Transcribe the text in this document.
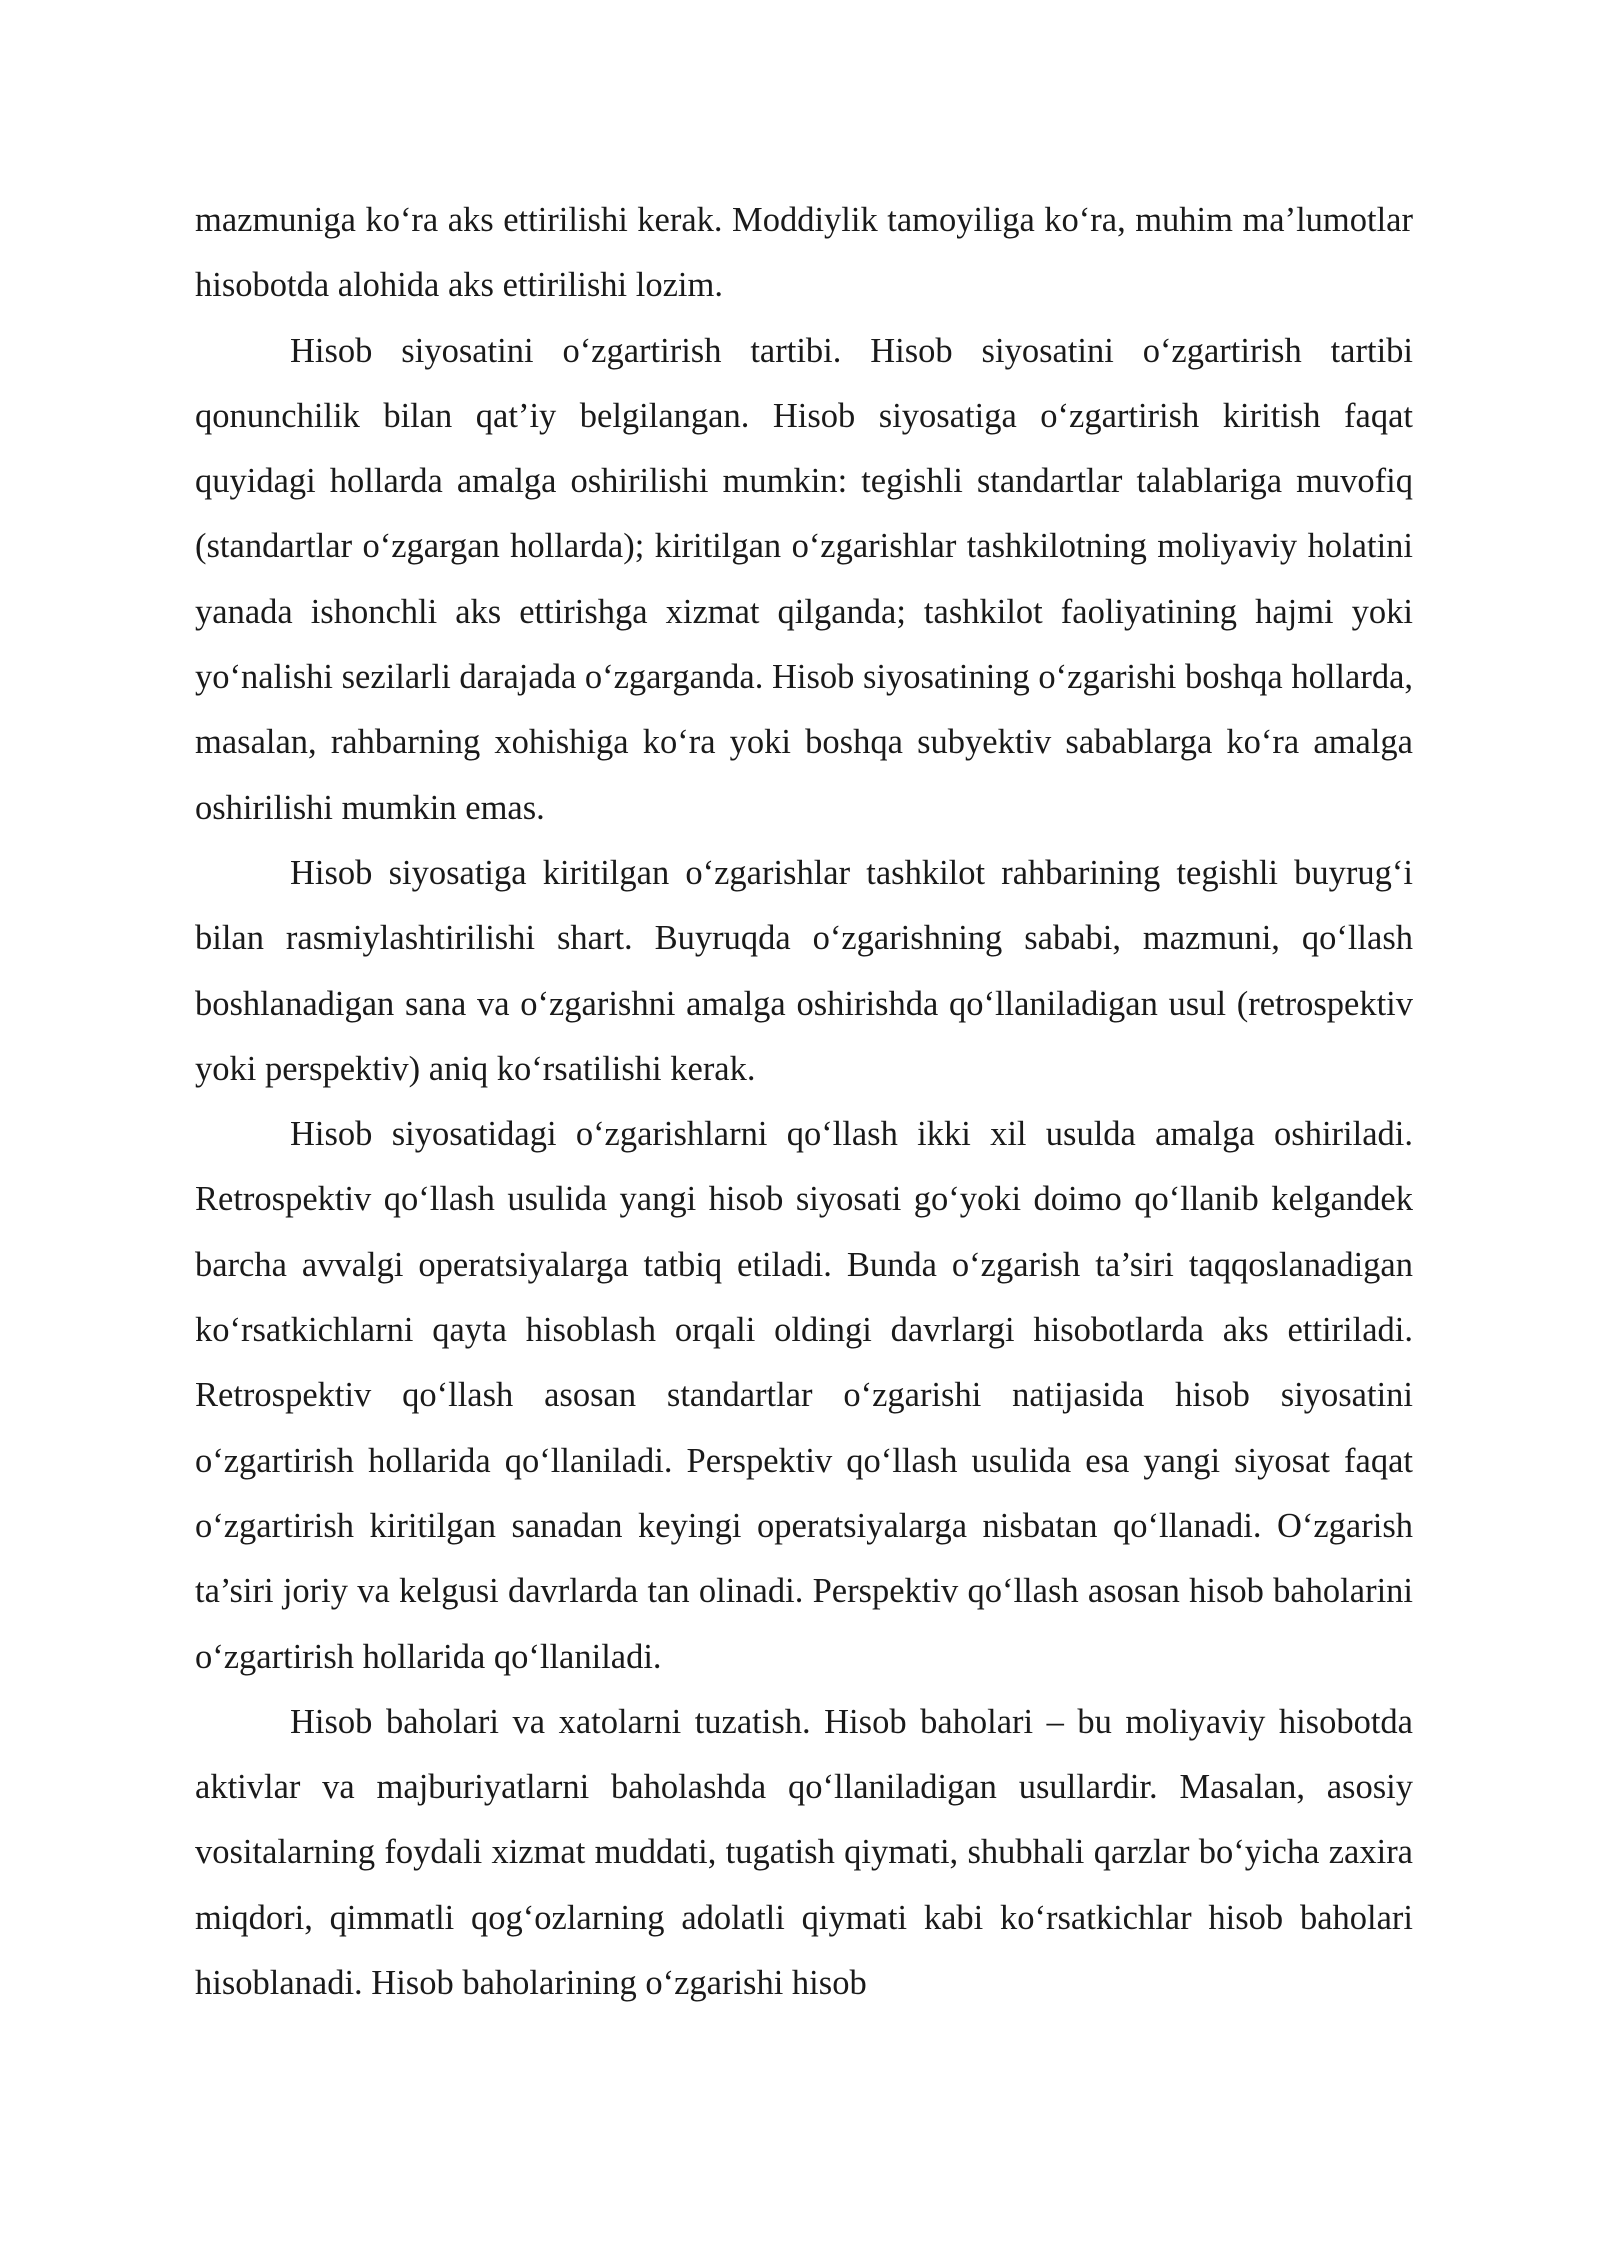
mazmuniga ko‘ra aks ettirilishi kerak. Moddiylik tamoyiliga ko‘ra, muhim ma’lumotlar hisobotda alohida aks ettirilishi lozim.

Hisob siyosatini o‘zgartirish tartibi. Hisob siyosatini o‘zgartirish tartibi qonunchilik bilan qat’iy belgilangan. Hisob siyosatiga o‘zgartirish kiritish faqat quyidagi hollarda amalga oshirilishi mumkin: tegishli standartlar talablariga muvofiq (standartlar o‘zgargan hollarda); kiritilgan o‘zgarishlar tashkilotning moliyaviy holatini yanada ishonchli aks ettirishga xizmat qilganda; tashkilot faoliyatining hajmi yoki yo‘nalishi sezilarli darajada o‘zgarganda. Hisob siyosatining o‘zgarishi boshqa hollarda, masalan, rahbarning xohishiga ko‘ra yoki boshqa subyektiv sabablarga ko‘ra amalga oshirilishi mumkin emas.

Hisob siyosatiga kiritilgan o‘zgarishlar tashkilot rahbarining tegishli buyrug‘i bilan rasmiylashtirilishi shart. Buyruqda o‘zgarishning sababi, mazmuni, qo‘llash boshlanadigan sana va o‘zgarishni amalga oshirishda qo‘llaniladigan usul (retrospektiv yoki perspektiv) aniq ko‘rsatilishi kerak.

Hisob siyosatidagi o‘zgarishlarni qo‘llash ikki xil usulda amalga oshiriladi. Retrospektiv qo‘llash usulida yangi hisob siyosati go‘yoki doimo qo‘llanib kelgandek barcha avvalgi operatsiyalarga tatbiq etiladi. Bunda o‘zgarish ta’siri taqqoslanadigan ko‘rsatkichlarni qayta hisoblash orqali oldingi davrlargi hisobotlarda aks ettiriladi. Retrospektiv qo‘llash asosan standartlar o‘zgarishi natijasida hisob siyosatini o‘zgartirish hollarida qo‘llaniladi. Perspektiv qo‘llash usulida esa yangi siyosat faqat o‘zgartirish kiritilgan sanadan keyingi operatsiyalarga nisbatan qo‘llanadi. O‘zgarish ta’siri joriy va kelgusi davrlarda tan olinadi. Perspektiv qo‘llash asosan hisob baholarini o‘zgartirish hollarida qo‘llaniladi.

Hisob baholari va xatolarni tuzatish. Hisob baholari – bu moliyaviy hisobotda aktivlar va majburiyatlarni baholashda qo‘llaniladigan usullardir. Masalan, asosiy vositalarning foydali xizmat muddati, tugatish qiymati, shubhali qarzlar bo‘yicha zaxira miqdori, qimmatli qog‘ozlarning adolatli qiymati kabi ko‘rsatkichlar hisob baholari hisoblanadi. Hisob baholarining o‘zgarishi hisob
